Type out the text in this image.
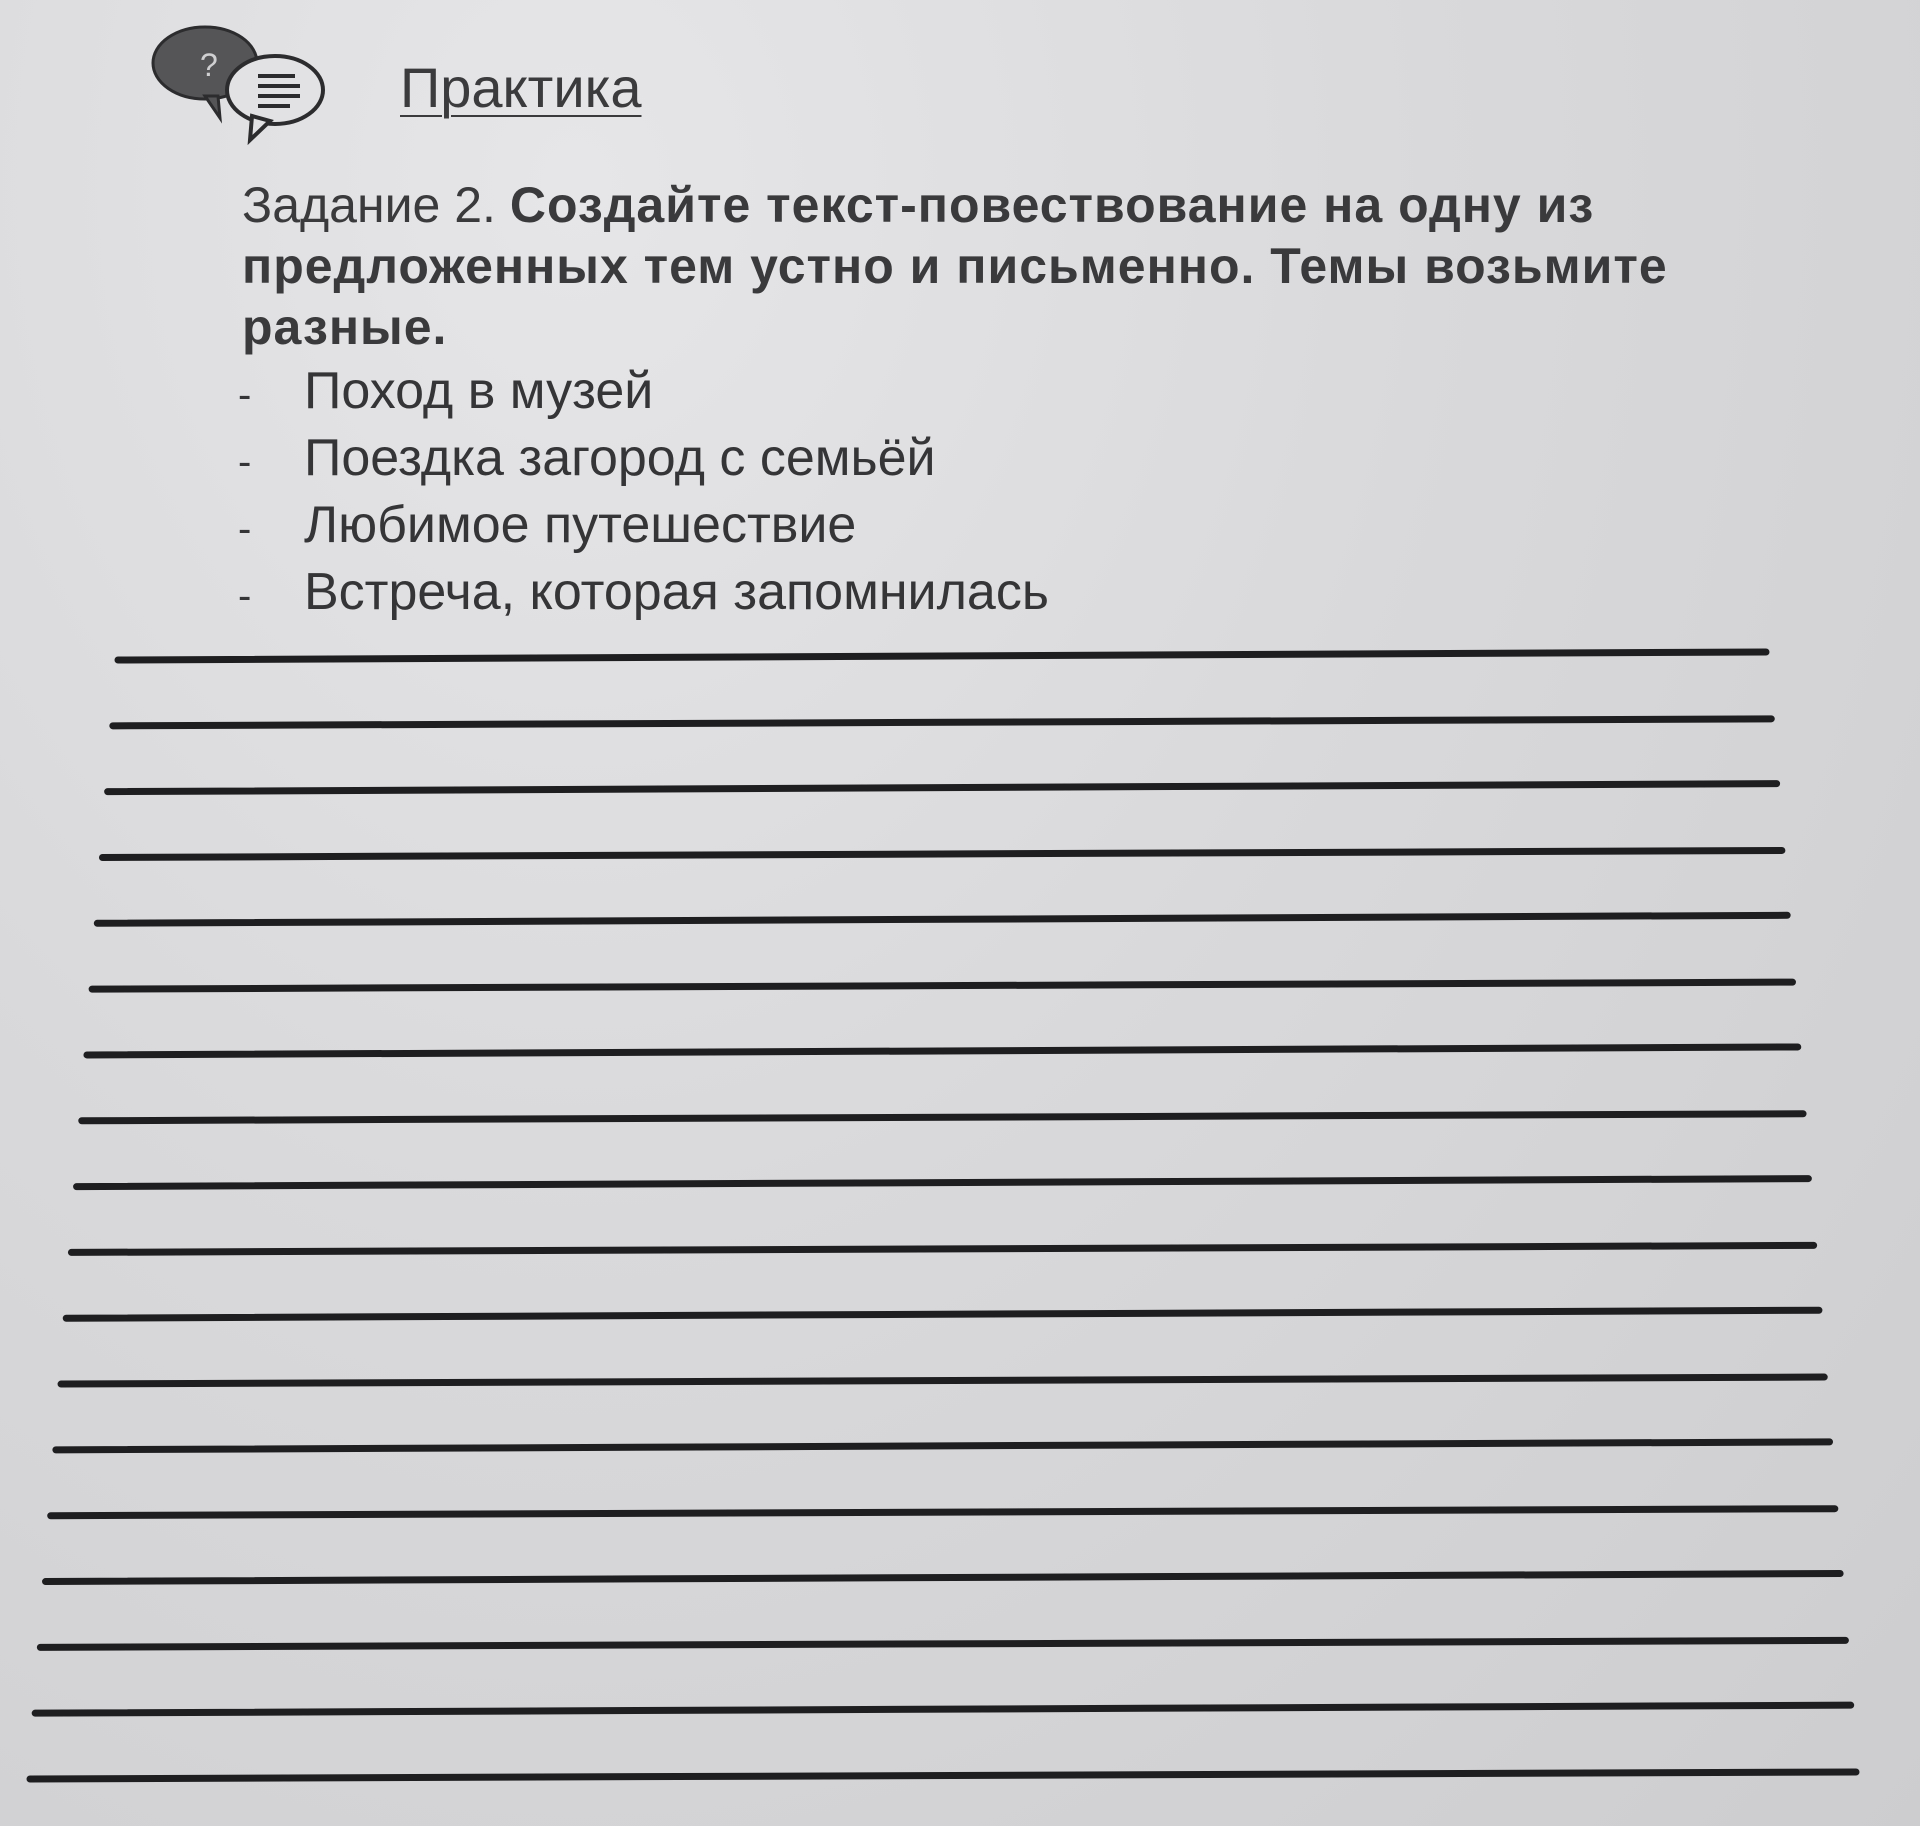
?	Практика
Задание 2. Создайте текст-повествование на одну из предложенных тем устно и письменно. Темы возьмите разные.
-	Поход в музей
-	Поездка загород с семьёй
-	Любимое путешествие
-	Встреча, которая запомнилась
